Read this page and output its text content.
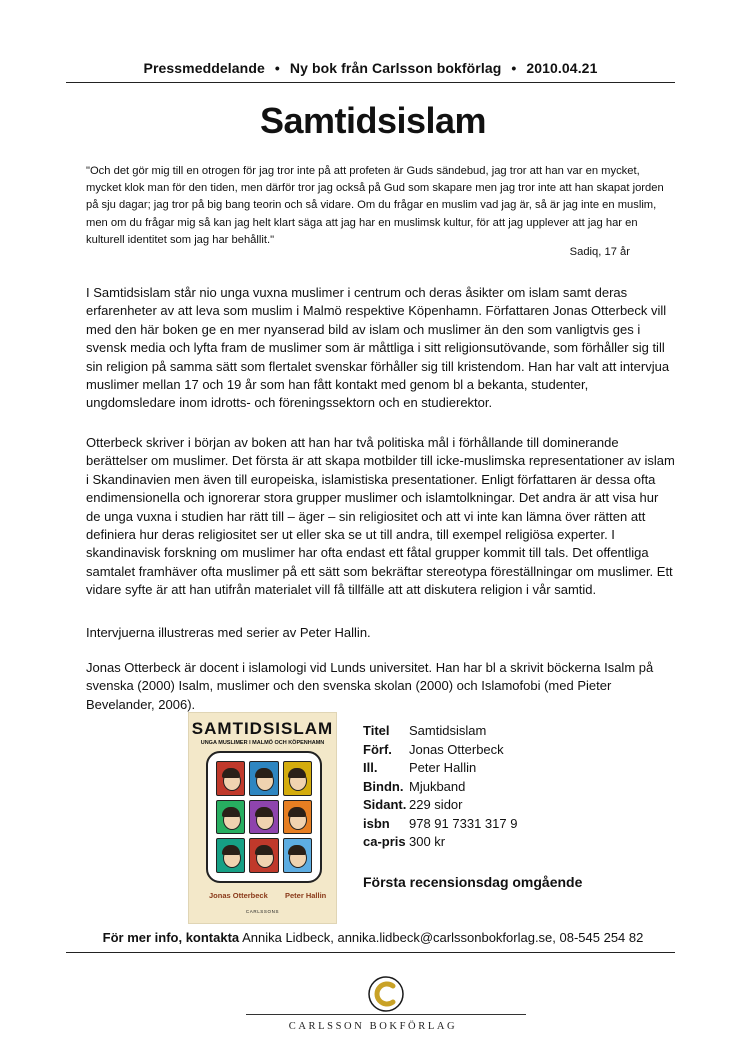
Pressmeddelande • Ny bok från Carlsson bokförlag • 2010.04.21
Samtidsislam
"Och det gör mig till en otrogen för jag tror inte på att profeten är Guds sändebud, jag tror att han var en mycket, mycket klok man för den tiden, men därför tror jag också på Gud som skapare men jag tror inte att han skapat jorden på sju dagar; jag tror på big bang teorin och så vidare. Om du frågar en muslim vad jag är, så är jag inte en muslim, men om du frågar mig så kan jag helt klart säga att jag har en muslimsk kultur, för att jag upplever att jag har en kulturell identitet som jag har behållit."
Sadiq, 17 år
I Samtidsislam står nio unga vuxna muslimer i centrum och deras åsikter om islam samt deras erfarenheter av att leva som muslim i Malmö respektive Köpenhamn. Författaren Jonas Otterbeck vill med den här boken ge en mer nyanserad bild av islam och muslimer än den som vanligtvis ges i svensk media och lyfta fram de muslimer som är måttliga i sitt religionsutövande, som förhåller sig till sin religion på samma sätt som flertalet svenskar förhåller sig till kristendom. Han har valt att intervjua muslimer mellan 17 och 19 år som han fått kontakt med genom bl a bekanta, studenter, ungdomsledare inom idrotts- och föreningssektorn och en studierektor.
Otterbeck skriver i början av boken att han har två politiska mål i förhållande till dominerande berättelser om muslimer. Det första är att skapa motbilder till icke-muslimska representationer av islam i Skandinavien men även till europeiska, islamistiska presentationer. Enligt författaren är dessa ofta endimensionella och ignorerar stora grupper muslimer och islamtolkningar. Det andra är att visa hur de unga vuxna i studien har rätt till – äger – sin religiositet och att vi inte kan lämna över rätten att definiera hur deras religiositet ser ut eller ska se ut till andra, till exempel religiösa experter. I skandinavisk forskning om muslimer har ofta endast ett fåtal grupper kommit till tals. Det offentliga samtalet framhäver ofta muslimer på ett sätt som bekräftar stereotypa föreställningar om muslimer. Ett vidare syfte är att han utifrån materialet vill få tillfälle att att diskutera religion i vår samtid.
Intervjuerna illustreras med serier av Peter Hallin.
Jonas Otterbeck är docent i islamologi vid Lunds universitet. Han har bl a skrivit böckerna Isalm på svenska (2000) Isalm, muslimer och den svenska skolan (2000) och Islamofobi (med Pieter Bevelander, 2006).
SAMTIDSISLAM
UNGA MUSLIMER I MALMÖ OCH KÖPENHAMN
Jonas Otterbeck Peter Hallin
CARLSSONS
Titel	Samtidsislam
Förf.	Jonas Otterbeck
Ill.	Peter Hallin
Bindn. Mjukband
Sidant. 229 sidor
isbn	978 91 7331 317 9
ca-pris 300 kr
Första recensionsdag omgående
För mer info, kontakta Annika Lidbeck, annika.lidbeck@carlssonbokforlag.se, 08-545 254 82
CARLSSON BOKFÖRLAG
